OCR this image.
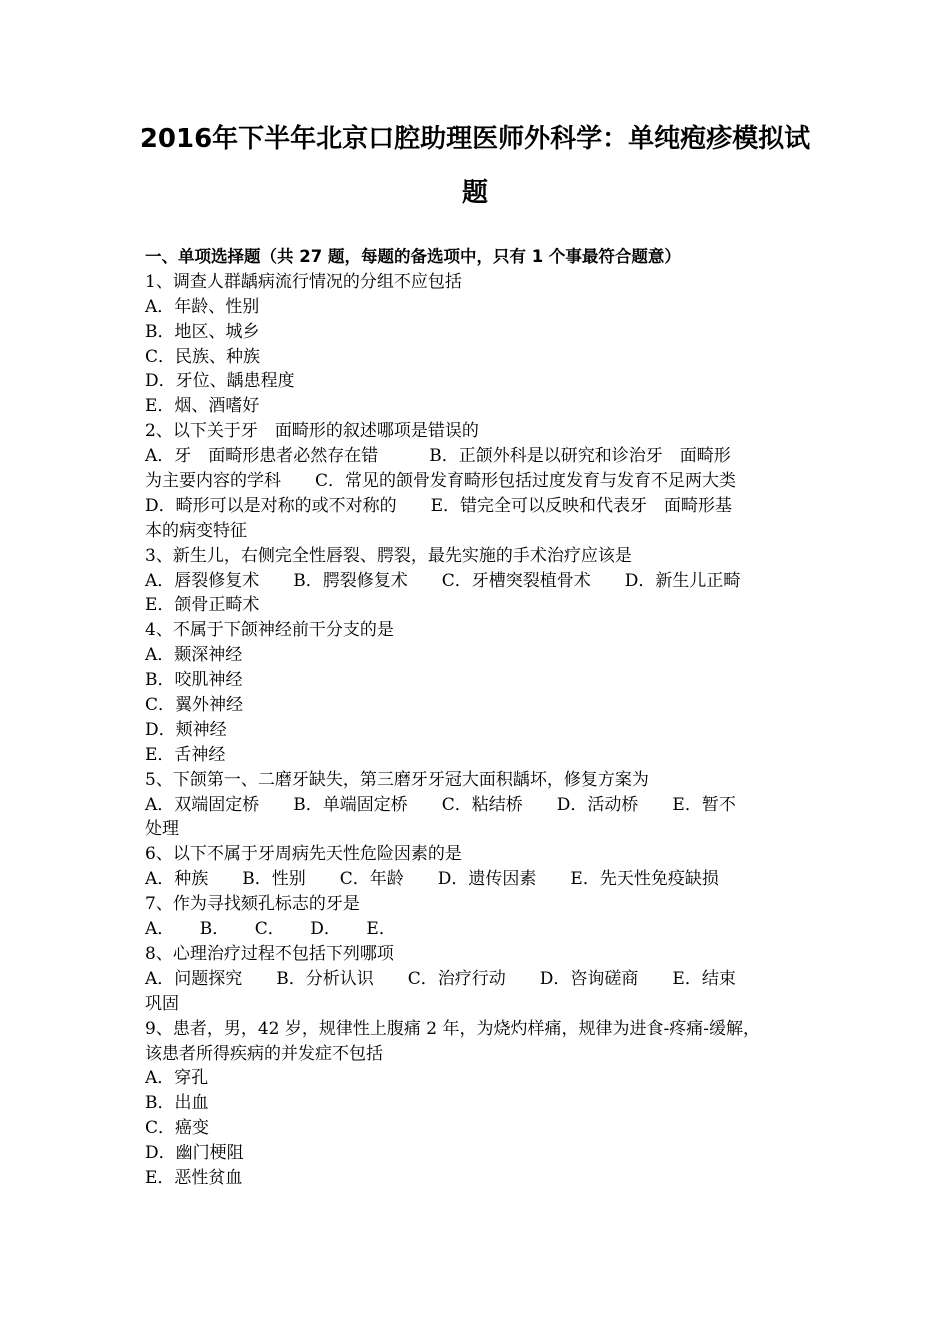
2016年下半年北京口腔助理医师外科学：单纯疱疹模拟试
题
一、单项选择题（共 27 题，每题的备选项中，只有 1 个事最符合题意）
1、调查人群龋病流行情况的分组不应包括
A．年龄、性别
B．地区、城乡
C．民族、种族
D．牙位、龋患程度
E．烟、酒嗜好
2、以下关于牙　面畸形的叙述哪项是错误的
A．牙　面畸形患者必然存在错　　　B．正颌外科是以研究和诊治牙　面畸形
为主要内容的学科　　C．常见的颌骨发育畸形包括过度发育与发育不足两大类
D．畸形可以是对称的或不对称的　　E．错完全可以反映和代表牙　面畸形基
本的病变特征
3、新生儿，右侧完全性唇裂、腭裂，最先实施的手术治疗应该是
A．唇裂修复术　　B．腭裂修复术　　C．牙槽突裂植骨术　　D．新生儿正畸
E．颌骨正畸术
4、不属于下颌神经前干分支的是
A．颞深神经
B．咬肌神经
C．翼外神经
D．颊神经
E．舌神经
5、下颌第一、二磨牙缺失，第三磨牙牙冠大面积龋坏，修复方案为
A．双端固定桥　　B．单端固定桥　　C．粘结桥　　D．活动桥　　E．暂不
处理
6、以下不属于牙周病先天性危险因素的是
A．种族　　B．性别　　C．年龄　　D．遗传因素　　E．先天性免疫缺损
7、作为寻找颏孔标志的牙是
A．　　B．　　C．　　D．　　E．
8、心理治疗过程不包括下列哪项
A．问题探究　　B．分析认识　　C．治疗行动　　D．咨询磋商　　E．结束
巩固
9、患者，男，42 岁，规律性上腹痛 2 年，为烧灼样痛，规律为进食-疼痛-缓解，
该患者所得疾病的并发症不包括
A．穿孔
B．出血
C．癌变
D．幽门梗阻
E．恶性贫血
